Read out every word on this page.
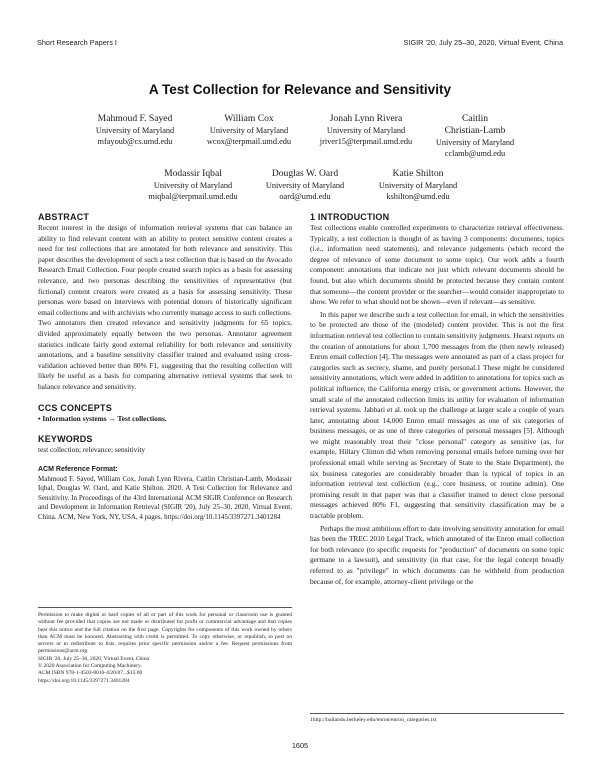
Short Research Papers I	SIGIR '20, July 25–30, 2020, Virtual Event, China
A Test Collection for Relevance and Sensitivity
Mahmoud F. Sayed
University of Maryland
mfayoub@cs.umd.edu
William Cox
University of Maryland
wcox@terpmail.umd.edu
Jonah Lynn Rivera
University of Maryland
jriver15@terpmail.umd.edu
Caitlin
Christian-Lamb
University of Maryland
cclamb@umd.edu
Modassir Iqbal
University of Maryland
miqbal@terpmail.umd.edu
Douglas W. Oard
University of Maryland
oard@umd.edu
Katie Shilton
University of Maryland
kshilton@umd.edu
ABSTRACT
Recent interest in the design of information retrieval systems that can balance an ability to find relevant content with an ability to protect sensitive content creates a need for test collections that are annotated for both relevance and sensitivity. This paper describes the development of such a test collection that is based on the Avocado Research Email Collection. Four people created search topics as a basis for assessing relevance, and two personas describing the sensitivities of representative (but fictional) content creators were created as a basis for assessing sensitivity. These personas were based on interviews with potential donors of historically significant email collections and with archivists who currently manage access to such collections. Two annotators then created relevance and sensitivity judgments for 65 topics, divided approximately equally between the two personas. Annotator agreement statistics indicate fairly good external reliability for both relevance and sensitivity annotations, and a baseline sensitivity classifier trained and evaluated using cross-validation achieved better than 80% F1, suggesting that the resulting collection will likely be useful as a basis for comparing alternative retrieval systems that seek to balance relevance and sensitivity.
CCS CONCEPTS
• Information systems → Test collections.
KEYWORDS
test collection; relevance; sensitivity
ACM Reference Format:
Mahmoud F. Sayed, William Cox, Jonah Lynn Rivera, Caitlin Christian-Lamb, Modassir Iqbal, Douglas W. Oard, and Katie Shilton. 2020. A Test Collection for Relevance and Sensitivity. In Proceedings of the 43rd International ACM SIGIR Conference on Research and Development in Information Retrieval (SIGIR '20), July 25–30, 2020, Virtual Event, China. ACM, New York, NY, USA, 4 pages. https://doi.org/10.1145/3397271.3401284
Permission to make digital or hard copies of all or part of this work for personal or classroom use is granted without fee provided that copies are not made or distributed for profit or commercial advantage and that copies bear this notice and the full citation on the first page. Copyrights for components of this work owned by others than ACM must be honored. Abstracting with credit is permitted. To copy otherwise, or republish, to post on servers or to redistribute to lists, requires prior specific permission and/or a fee. Request permissions from permissions@acm.org.
SIGIR '20, July 25–30, 2020, Virtual Event, China
© 2020 Association for Computing Machinery.
ACM ISBN 978-1-4503-8016-4/20/07...$15.00
https://doi.org/10.1145/3397271.3401284
1 INTRODUCTION
Test collections enable controlled experiments to characterize retrieval effectiveness. Typically, a test collection is thought of as having 3 components: documents, topics (i.e., information need statements), and relevance judgements (which record the degree of relevance of some document to some topic). Our work adds a fourth component: annotations that indicate not just which relevant documents should be found, but also which documents should be protected because they contain content that someone—the content provider or the searcher—would consider inappropriate to show. We refer to what should not be shown—even if relevant—as sensitive.
In this paper we describe such a test collection for email, in which the sensitivities to be protected are those of the (modeled) content provider. This is not the first information retrieval test collection to contain sensitivity judgments. Hearst reports on the creation of annotations for about 1,700 messages from the (then newly released) Enron email collection [4]. The messages were annotated as part of a class project for categories such as secrecy, shame, and purely personal.1 These might be considered sensitivity annotations, which were added in addition to annotations for topics such as political influence, the California energy crisis, or government actions. However, the small scale of the annotated collection limits its utility for evaluation of information retrieval systems. Jabbari et al. took up the challenge at larger scale a couple of years later, annotating about 14,000 Enron email messages as one of six categories of business messages, or as one of three categories of personal messages [5]. Although we might reasonably treat their "close personal" category as sensitive (as, for example, Hillary Clinton did when removing personal emails before turning over her professional email while serving as Secretary of State to the State Department), the six business categories are considerably broader than is typical of topics in an information retrieval test collection (e.g., core business, or routine admin). One promising result in that paper was that a classifier trained to detect close personal messages achieved 80% F1, suggesting that sensitivity classification may be a tractable problem.
Perhaps the most ambitious effort to date involving sensitivity annotation for email has been the TREC 2010 Legal Track, which annotated of the Enron email collection for both relevance (to specific requests for "production" of documents on some topic germane to a lawsuit), and sensitivity (in that case, for the legal concept broadly referred to as "privilege" in which documents can be withheld from production because of, for example, attorney-client privilege or the
1http://bailando.berkeley.edu/enron/enron_categories.txt
1605
